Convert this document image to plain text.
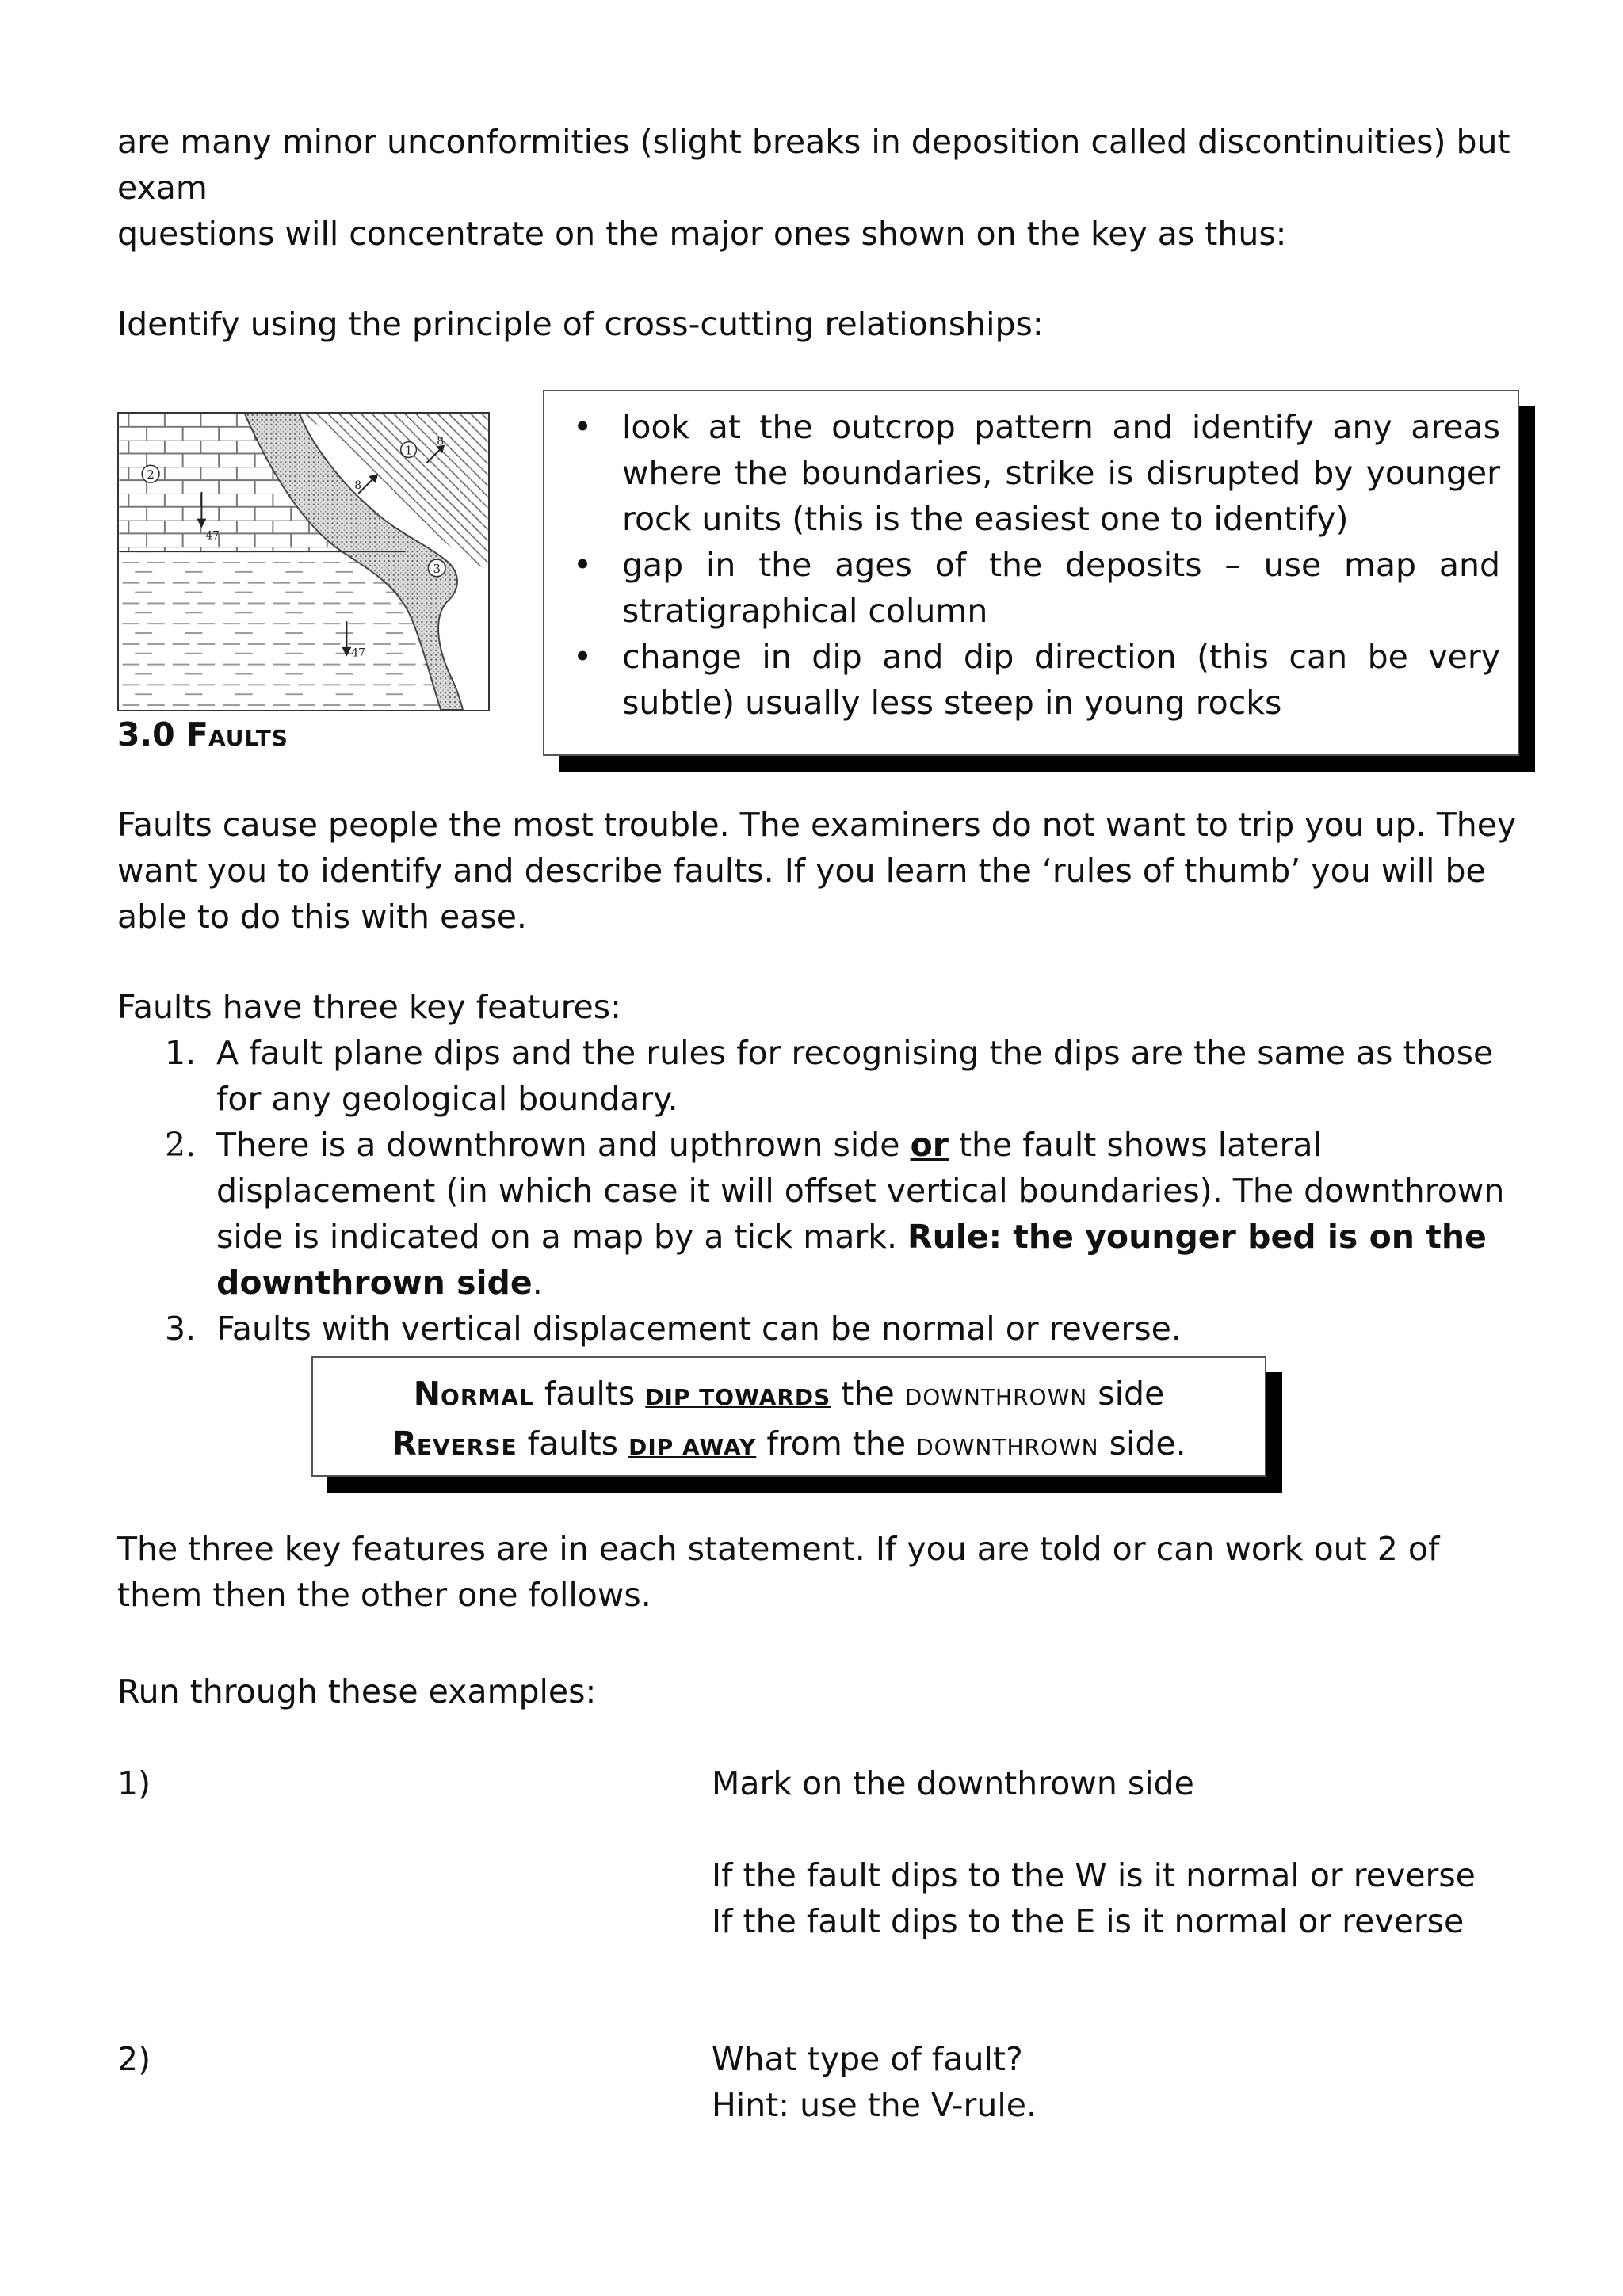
are many minor unconformities (slight breaks in deposition called discontinuities) but exam

questions will concentrate on the major ones shown on the key as thus:

Identify using the principle of cross-cutting relationships:

1
2
3
47
47
8
8
•	look at the outcrop pattern and identify any areas where the boundaries, strike is disrupted by younger rock units (this is the easiest one to identify)
• gap in the ages of the deposits – use map and stratigraphical column
• change in dip and dip direction (this can be very subtle) usually less steep in young rocks
3.0 FAULTS

Faults cause people the most trouble. The examiners do not want to trip you up. They want you to identify and describe faults. If you learn the ‘rules of thumb’ you will be able to do this with ease.

Faults have three key features:

1. A fault plane dips and the rules for recognising the dips are the same as those for any geological boundary.
2. There is a downthrown and upthrown side or the fault shows lateral displacement (in which case it will offset vertical boundaries). The downthrown side is indicated on a map by a tick mark. Rule: the younger bed is on the downthrown side.
3. Faults with vertical displacement can be normal or reverse.
NORMAL faults DIP TOWARDS the DOWNTHROWN side
REVERSE faults DIP AWAY from the DOWNTHROWN side.

The three key features are in each statement. If you are told or can work out 2 of them then the other one follows.

Run through these examples:

1)	Mark on the downthrown side

If the fault dips to the W is it normal or reverse

If the fault dips to the E is it normal or reverse

2)	What type of fault?

Hint: use the V-rule.
